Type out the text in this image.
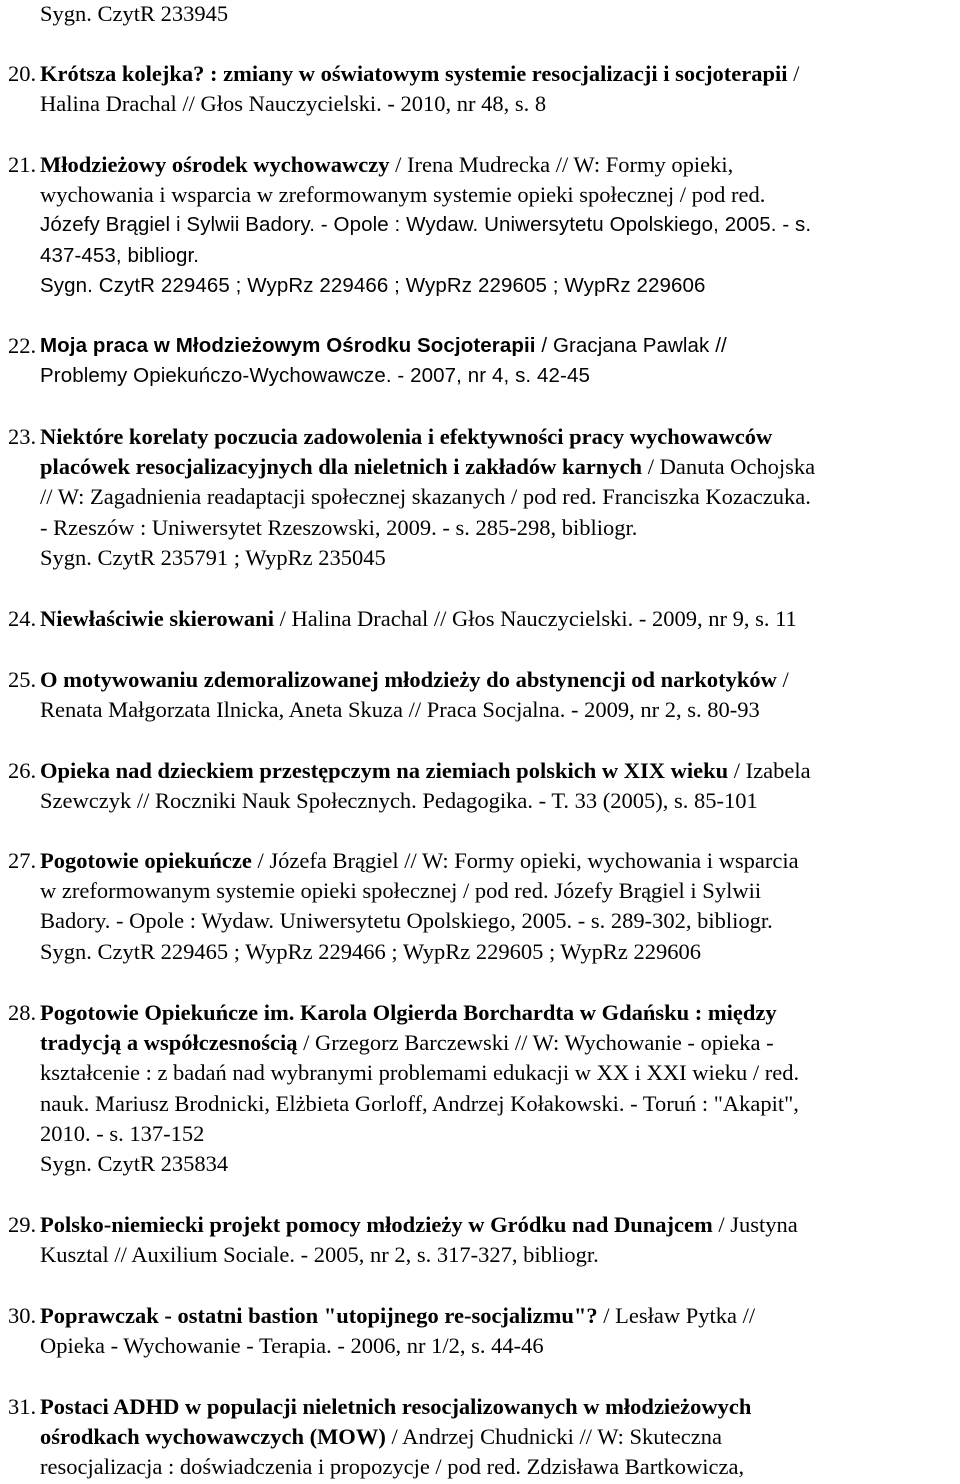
Sygn. CzytR 233945
20. Krótsza kolejka? : zmiany w oświatowym systemie resocjalizacji i socjoterapii /
Halina Drachal // Głos Nauczycielski. - 2010, nr 48, s. 8
21. Młodzieżowy ośrodek wychowawczy / Irena Mudrecka // W: Formy opieki,
wychowania i wsparcia w zreformowanym systemie opieki społecznej / pod red.
Józefy Brągiel i Sylwii Badory. - Opole : Wydaw. Uniwersytetu Opolskiego, 2005. - s.
437-453, bibliogr.
Sygn. CzytR 229465 ; WypRz 229466 ; WypRz 229605 ; WypRz 229606
22. Moja praca w Młodzieżowym Ośrodku Socjoterapii / Gracjana Pawlak //
Problemy Opiekuńczo-Wychowawcze. - 2007, nr 4, s. 42-45
23. Niektóre korelaty poczucia zadowolenia i efektywności pracy wychowawców
placówek resocjalizacyjnych dla nieletnich i zakładów karnych / Danuta Ochojska
// W: Zagadnienia readaptacji społecznej skazanych / pod red. Franciszka Kozaczuka.
- Rzeszów : Uniwersytet Rzeszowski, 2009. - s. 285-298, bibliogr.
Sygn. CzytR 235791 ; WypRz 235045
24. Niewłaściwie skierowani / Halina Drachal // Głos Nauczycielski. - 2009, nr 9, s. 11
25. O motywowaniu zdemoralizowanej młodzieży do abstynencji od narkotyków /
Renata Małgorzata Ilnicka, Aneta Skuza // Praca Socjalna. - 2009, nr 2, s. 80-93
26. Opieka nad dzieckiem przestępczym na ziemiach polskich w XIX wieku / Izabela
Szewczyk // Roczniki Nauk Społecznych. Pedagogika. - T. 33 (2005), s. 85-101
27. Pogotowie opiekuńcze / Józefa Brągiel // W: Formy opieki, wychowania i wsparcia
w zreformowanym systemie opieki społecznej / pod red. Józefy Brągiel i Sylwii
Badory. - Opole : Wydaw. Uniwersytetu Opolskiego, 2005. - s. 289-302, bibliogr.
Sygn. CzytR 229465 ; WypRz 229466 ; WypRz 229605 ; WypRz 229606
28. Pogotowie Opiekuńcze im. Karola Olgierda Borchardta w Gdańsku : między
tradycją a współczesnością / Grzegorz Barczewski // W: Wychowanie - opieka -
kształcenie : z badań nad wybranymi problemami edukacji w XX i XXI wieku / red.
nauk. Mariusz Brodnicki, Elżbieta Gorloff, Andrzej Kołakowski. - Toruń : "Akapit",
2010. - s. 137-152
Sygn. CzytR 235834
29. Polsko-niemiecki projekt pomocy młodzieży w Gródku nad Dunajcem / Justyna
Kusztal // Auxilium Sociale. - 2005, nr 2, s. 317-327, bibliogr.
30. Poprawczak - ostatni bastion "utopijnego re-socjalizmu"? / Lesław Pytka //
Opieka - Wychowanie - Terapia. - 2006, nr 1/2, s. 44-46
31. Postaci ADHD w populacji nieletnich resocjalizowanych w młodzieżowych
ośrodkach wychowawczych (MOW) / Andrzej Chudnicki // W: Skuteczna
resocjalizacja : doświadczenia i propozycje / pod red. Zdzisława Bartkowicza,
